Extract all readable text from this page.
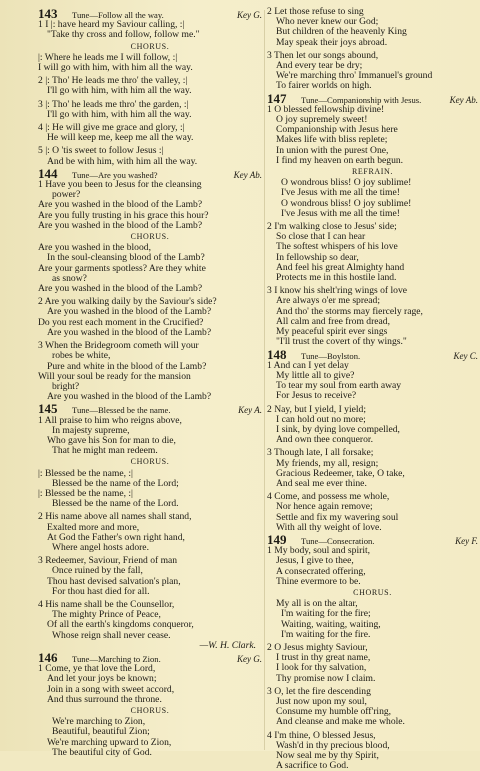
143	Tune—Follow all the way.	Key G.
1 I |: have heard my Saviour calling, :|
"Take thy cross and follow, follow me."
CHORUS.
|: Where he leads me I will follow, :|
I will go with him, with him all the way.
2 |: Tho' He leads me thro' the valley, :|
I'll go with him, with him all the way.
3 |: Tho' he leads me thro' the garden, :|
I'll go with him, with him all the way.
4 |: He will give me grace and glory, :|
He will keep me, keep me all the way.
5 |: O 'tis sweet to follow Jesus :|
And be with him, with him all the way.
144	Tune—Are you washed?	Key Ab.
1 Have you been to Jesus for the cleansing
power?
Are you washed in the blood of the Lamb?
Are you fully trusting in his grace this hour?
Are you washed in the blood of the Lamb?
CHORUS.
Are you washed in the blood,
In the soul-cleansing blood of the Lamb?
Are your garments spotless? Are they white
as snow?
Are you washed in the blood of the Lamb?
2 Are you walking daily by the Saviour's side?
Are you washed in the blood of the Lamb?
Do you rest each moment in the Crucified?
Are you washed in the blood of the Lamb?
3 When the Bridegroom cometh will your
robes be white,
Pure and white in the blood of the Lamb?
Will your soul be ready for the mansion
bright?
Are you washed in the blood of the Lamb?
145	Tune—Blessed be the name.	Key A.
1 All praise to him who reigns above,
In majesty supreme,
Who gave his Son for man to die,
That he might man redeem.
CHORUS.
|: Blessed be the name, :|
Blessed be the name of the Lord;
|: Blessed be the name, :|
Blessed be the name of the Lord.
2 His name above all names shall stand,
Exalted more and more,
At God the Father's own right hand,
Where angel hosts adore.
3 Redeemer, Saviour, Friend of man
Once ruined by the fall,
Thou hast devised salvation's plan,
For thou hast died for all.
4 His name shall be the Counsellor,
The mighty Prince of Peace,
Of all the earth's kingdoms conqueror,
Whose reign shall never cease.
—W. H. Clark.
146	Tune—Marching to Zion.	Key G.
1 Come, ye that love the Lord,
And let your joys be known;
Join in a song with sweet accord,
And thus surround the throne.
CHORUS.
We're marching to Zion,
Beautiful, beautiful Zion;
We're marching upward to Zion,
The beautiful city of God.
2 Let those refuse to sing
Who never knew our God;
But children of the heavenly King
May speak their joys abroad.
3 Then let our songs abound,
And every tear be dry;
We're marching thro' Immanuel's ground
To fairer worlds on high.
147	Tune—Companionship with Jesus.	Key Ab.
1 O blessed fellowship divine!
O joy supremely sweet!
Companionship with Jesus here
Makes life with bliss replete;
In union with the purest One,
I find my heaven on earth begun.
REFRAIN.
O wondrous bliss! O joy sublime!
I've Jesus with me all the time!
O wondrous bliss! O joy sublime!
I've Jesus with me all the time!
2 I'm walking close to Jesus' side;
So close that I can hear
The softest whispers of his love
In fellowship so dear,
And feel his great Almighty hand
Protects me in this hostile land.
3 I know his shelt'ring wings of love
Are always o'er me spread;
And tho' the storms may fiercely rage,
All calm and free from dread,
My peaceful spirit ever sings
"I'll trust the covert of thy wings."
148	Tune—Boylston.	Key C.
1 And can I yet delay
My little all to give?
To tear my soul from earth away
For Jesus to receive?
2 Nay, but I yield, I yield;
I can hold out no more;
I sink, by dying love compelled,
And own thee conqueror.
3 Though late, I all forsake;
My friends, my all, resign;
Gracious Redeemer, take, O take,
And seal me ever thine.
4 Come, and possess me whole,
Nor hence again remove;
Settle and fix my wavering soul
With all thy weight of love.
149	Tune—Consecration.	Key F.
1 My body, soul and spirit,
Jesus, I give to thee,
A consecrated offering,
Thine evermore to be.
CHORUS.
My all is on the altar,
I'm waiting for the fire;
Waiting, waiting, waiting,
I'm waiting for the fire.
2 O Jesus mighty Saviour,
I trust in thy great name,
I look for thy salvation,
Thy promise now I claim.
3 O, let the fire descending
Just now upon my soul,
Consume my humble off'ring,
And cleanse and make me whole.
4 I'm thine, O blessed Jesus,
Wash'd in thy precious blood,
Now seal me by thy Spirit,
A sacrifice to God.
